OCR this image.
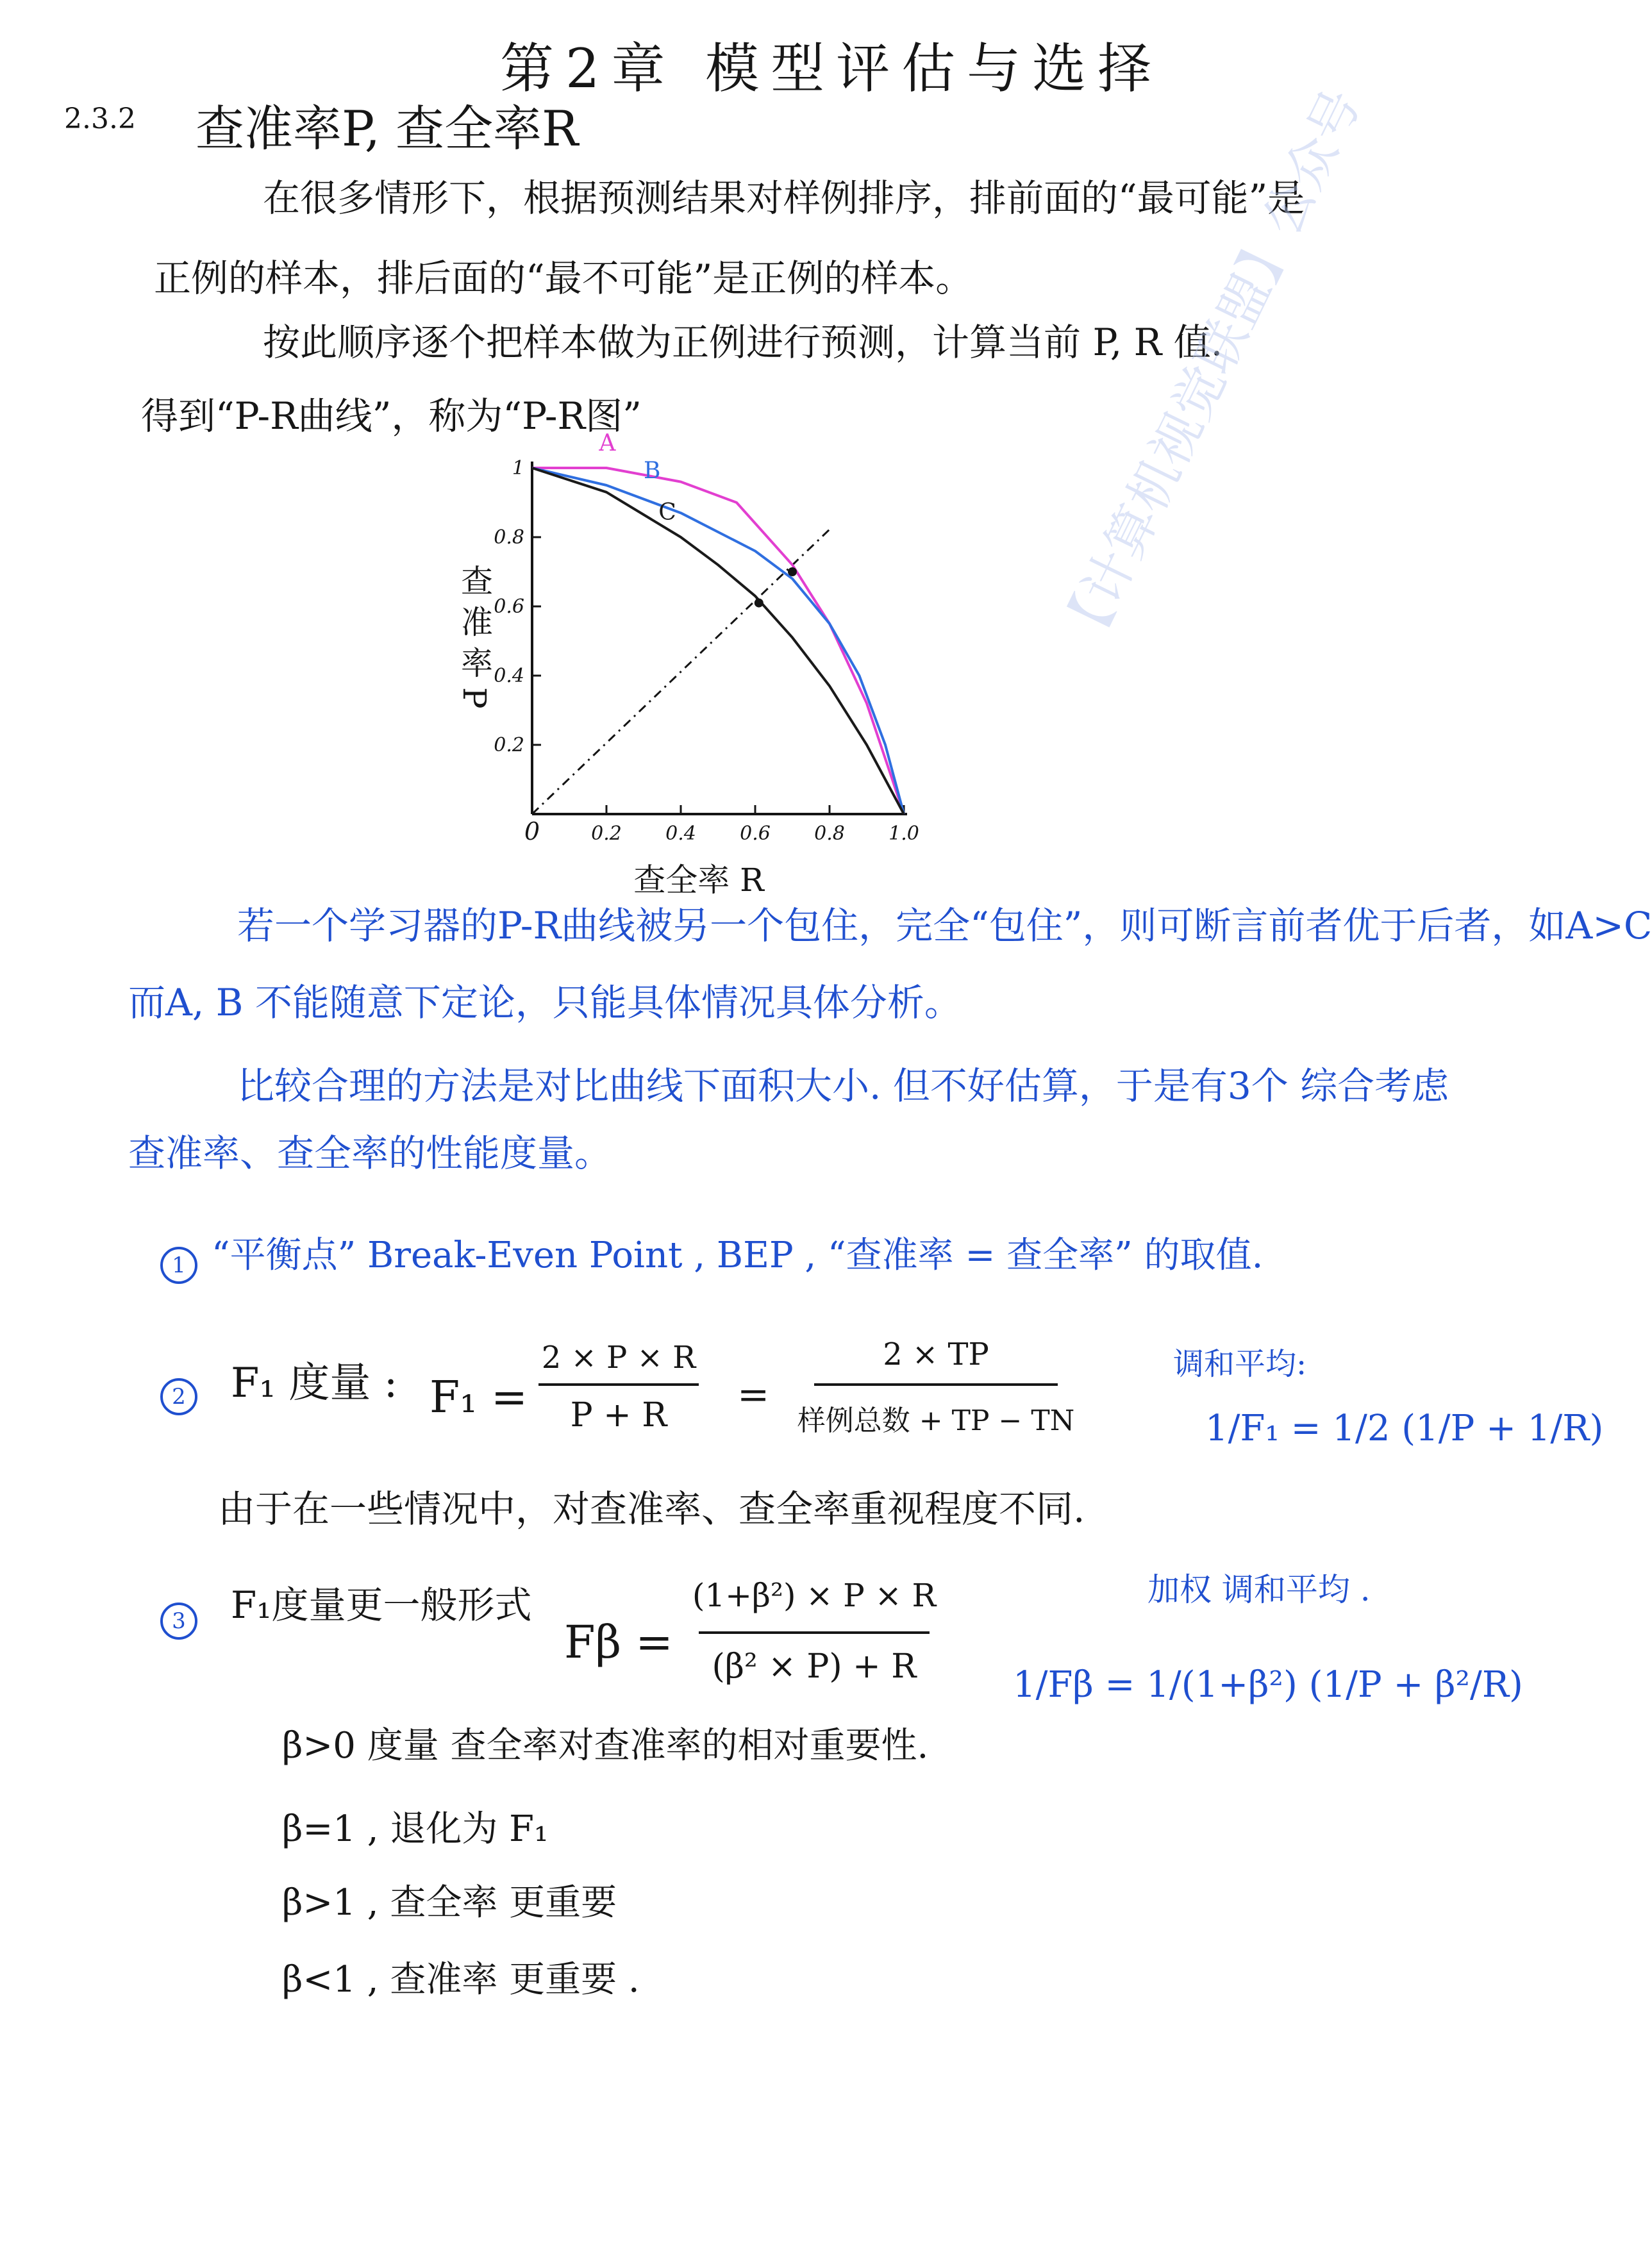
第2章 模型评估与选择
2.3.2 查准率P, 查全率R
在很多情形下，根据预测结果对样例排序，排前面的“最可能”是
正例的样本，排后面的“最不可能”是正例的样本。
按此顺序逐个把样本做为正例进行预测，计算当前 P, R 值.
得到“P-R曲线”，称为“P-R图”
0	0.2 0.4 0.6 0.8 1.0
1
0.8
0.6
0.4
0.2
查全率 R
查准率P
A
B
C
若一个学习器的P-R曲线被另一个包住，完全“包住”，则可断言前者优于后者，如A>C
而A, B 不能随意下定论，只能具体情况具体分析。
比较合理的方法是对比曲线下面积大小. 但不好估算，于是有3个 综合考虑
查准率、查全率的性能度量。
1 “平衡点” Break-Even Point , BEP , “查准率 = 查全率” 的取值.
2 F₁ 度量 : F₁ =
2 × P × R
P + R	=
2 × TP
样例总数 + TP − TN
调和平均:
1/F₁ = 1/2 (1/P + 1/R)
由于在一些情况中，对查准率、查全率重视程度不同.
3	F₁度量更一般形式
Fβ =
(1+β²) × P × R
(β² × P) + R
加权 调和平均 .
1/Fβ = 1/(1+β²) (1/P + β²/R)
β>0 度量 查全率对查准率的相对重要性.
β=1 , 退化为 F₁
β>1 , 查全率 更重要
β<1 , 查准率 更重要 .
【计算机视觉联盟】公众号
